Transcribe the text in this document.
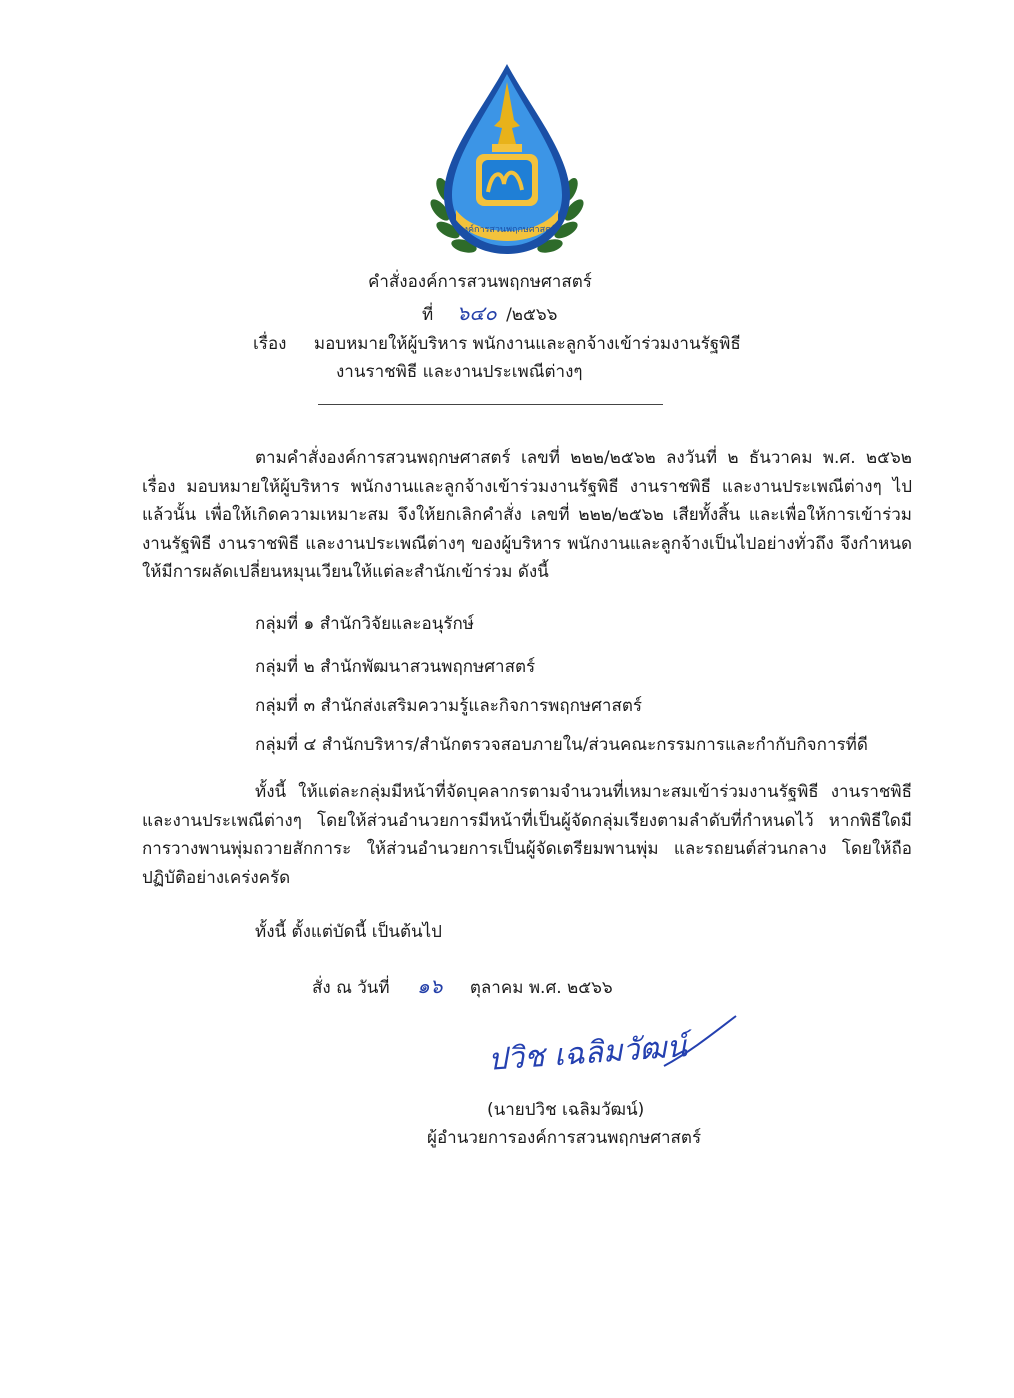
องค์การสวนพฤกษศาสตร์
คำสั่งองค์การสวนพฤกษศาสตร์
ที่ ๖๔๐ /๒๕๖๖
เรื่อง มอบหมายให้ผู้บริหาร พนักงานและลูกจ้างเข้าร่วมงานรัฐพิธี
งานราชพิธี และงานประเพณีต่างๆ

ตามคำสั่งองค์การสวนพฤกษศาสตร์ เลขที่ ๒๒๒/๒๕๖๒ ลงวันที่ ๒ ธันวาคม พ.ศ. ๒๕๖๒ เรื่อง มอบหมายให้ผู้บริหาร พนักงานและลูกจ้างเข้าร่วมงานรัฐพิธี งานราชพิธี และงานประเพณีต่างๆ ไปแล้วนั้น เพื่อให้เกิดความเหมาะสม จึงให้ยกเลิกคำสั่ง เลขที่ ๒๒๒/๒๕๖๒ เสียทั้งสิ้น และเพื่อให้การเข้าร่วมงานรัฐพิธี งานราชพิธี และงานประเพณีต่างๆ ของผู้บริหาร พนักงานและลูกจ้างเป็นไปอย่างทั่วถึง จึงกำหนดให้มีการผลัดเปลี่ยนหมุนเวียนให้แต่ละสำนักเข้าร่วม ดังนี้

กลุ่มที่ ๑ สำนักวิจัยและอนุรักษ์
กลุ่มที่ ๒ สำนักพัฒนาสวนพฤกษศาสตร์
กลุ่มที่ ๓ สำนักส่งเสริมความรู้และกิจการพฤกษศาสตร์
กลุ่มที่ ๔ สำนักบริหาร/สำนักตรวจสอบภายใน/ส่วนคณะกรรมการและกำกับกิจการที่ดี

ทั้งนี้ ให้แต่ละกลุ่มมีหน้าที่จัดบุคลากรตามจำนวนที่เหมาะสมเข้าร่วมงานรัฐพิธี งานราชพิธี และงานประเพณีต่างๆ โดยให้ส่วนอำนวยการมีหน้าที่เป็นผู้จัดกลุ่มเรียงตามลำดับที่กำหนดไว้ หากพิธีใดมีการวางพานพุ่มถวายสักการะ ให้ส่วนอำนวยการเป็นผู้จัดเตรียมพานพุ่ม และรถยนต์ส่วนกลาง โดยให้ถือปฏิบัติอย่างเคร่งครัด

ทั้งนี้ ตั้งแต่บัดนี้ เป็นต้นไป
สั่ง ณ วันที่ ๑๖ ตุลาคม พ.ศ. ๒๕๖๖
ปวิช เฉลิมวัฒน์
(นายปวิช เฉลิมวัฒน์)
ผู้อำนวยการองค์การสวนพฤกษศาสตร์
